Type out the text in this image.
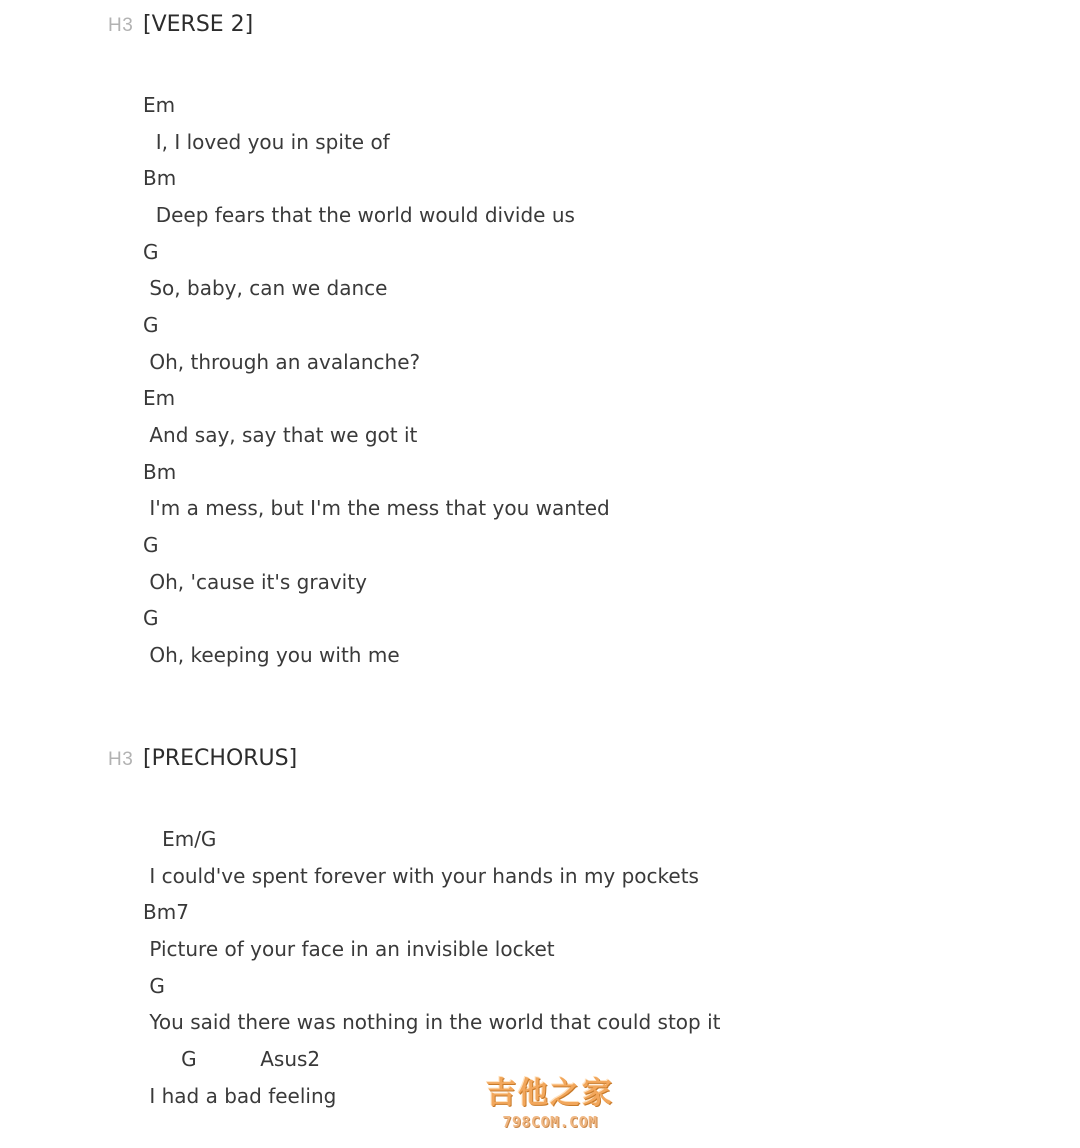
H3 [VERSE 2]
Em
I, I loved you in spite of
Bm
Deep fears that the world would divide us
G
So, baby, can we dance
G
Oh, through an avalanche?
Em
And say, say that we got it
Bm
I'm a mess, but I'm the mess that you wanted
G
Oh, 'cause it's gravity
G
Oh, keeping you with me
H3 [PRECHORUS]
Em/G
I could've spent forever with your hands in my pockets
Bm7
Picture of your face in an invisible locket
G
You said there was nothing in the world that could stop it
G          Asus2
I had a bad feeling	吉他之家
798COM.COM
